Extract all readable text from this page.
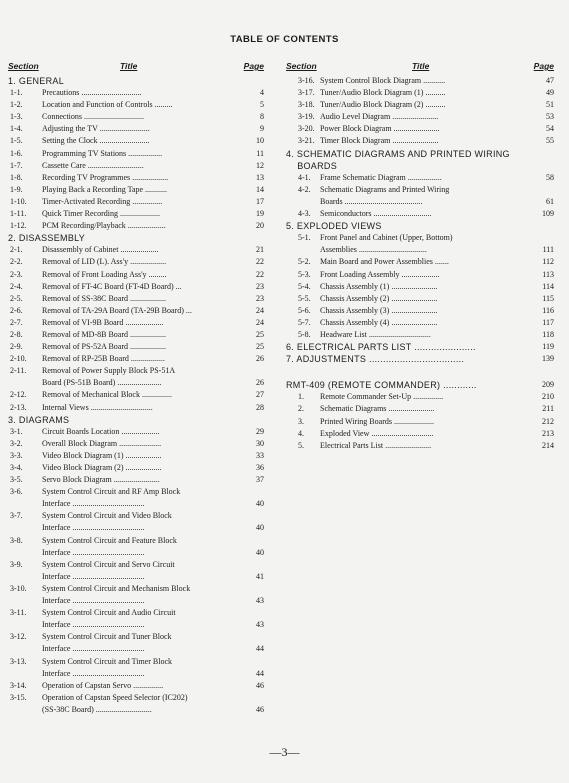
TABLE OF CONTENTS
Section	Title	Page
1. GENERAL
1-1. Precautions ..............................	4
1-2. Location and Function of Controls .........	5
1-3. Connections ..............................	8
1-4. Adjusting the TV .........................	9
1-5. Setting the Clock .........................	10
1-6. Programming TV Stations .................	11
1-7. Cassette Care ............................	12
1-8. Recording TV Programmes ..................	13
1-9. Playing Back a Recording Tape ...........	14
1-10. Timer-Activated Recording ...............	17
1-11. Quick Timer Recording ....................	19
1-12. PCM Recording/Playback ...................	20
2. DISASSEMBLY
2-1. Disassembly of Cabinet ...................	21
2-2. Removal of LID (L). Ass'y ..................	22
2-3. Removal of Front Loading Ass'y .........	22
2-4. Removal of FT-4C Board (FT-4D Board) ...	23
2-5. Removal of SS-38C Board ..................	23
2-6. Removal of TA-29A Board (TA-29B Board) ...	24
2-7. Removal of VI-9B Board ...................	24
2-8. Removal of MD-8B Board ..................	25
2-9. Removal of PS-52A Board ..................	25
2-10. Removal of RP-25B Board .................	26
2-11. Removal of Power Supply Block PS-51A
Board (PS-51B Board) ......................	26
2-12. Removal of Mechanical Block ...............	27
2-13. Internal Views ...............................	28
3. DIAGRAMS
3-1. Circuit Boards Location ...................	29
3-2. Overall Block Diagram .....................	30
3-3. Video Block Diagram (1) ..................	33
3-4. Video Block Diagram (2) ..................	36
3-5. Servo Block Diagram .......................	37
3-6. System Control Circuit and RF Amp Block
Interface ....................................	40
3-7. System Control Circuit and Video Block
Interface ....................................	40
3-8. System Control Circuit and Feature Block
Interface ....................................	40
3-9. System Control Circuit and Servo Circuit
Interface ....................................	41
3-10. System Control Circuit and Mechanism Block
Interface ....................................	43
3-11. System Control Circuit and Audio Circuit
Interface ....................................	43
3-12. System Control Circuit and Tuner Block
Interface ....................................	44
3-13. System Control Circuit and Timer Block
Interface ....................................	44
3-14. Operation of Capstan Servo ...............	46
3-15. Operation of Capstan Speed Selector (IC202)
(SS-38C Board) ............................	46
Section	Title	Page
3-16. System Control Block Diagram ...........	47
3-17. Tuner/Audio Block Diagram (1) ..........	49
3-18. Tuner/Audio Block Diagram (2) ..........	51
3-19. Audio Level Diagram .......................	53
3-20. Power Block Diagram .......................	54
3-21. Timer Block Diagram .......................	55
4. SCHEMATIC DIAGRAMS AND PRINTED WIRING
BOARDS
4-1. Frame Schematic Diagram .................	58
4-2. Schematic Diagrams and Printed Wiring
Boards .......................................	61
4-3. Semiconductors .............................	109
5. EXPLODED VIEWS
5-1. Front Panel and Cabinet (Upper, Bottom)
Assemblies ..................................	111
5-2. Main Board and Power Assemblies .......	112
5-3. Front Loading Assembly ...................	113
5-4. Chassis Assembly (1) .......................	114
5-5. Chassis Assembly (2) .......................	115
5-6. Chassis Assembly (3) .......................	116
5-7. Chassis Assembly (4) .......................	117
5-8. Headware List ...............................	118
6. ELECTRICAL PARTS LIST ......................	119
7. ADJUSTMENTS ..................................	139
RMT-409 (REMOTE COMMANDER) ............	209
1. Remote Commander Set-Up ...............	210
2. Schematic Diagrams .......................	211
3. Printed Wiring Boards ....................	212
4. Exploded View ...............................	213
5. Electrical Parts List .......................	214
—3—
